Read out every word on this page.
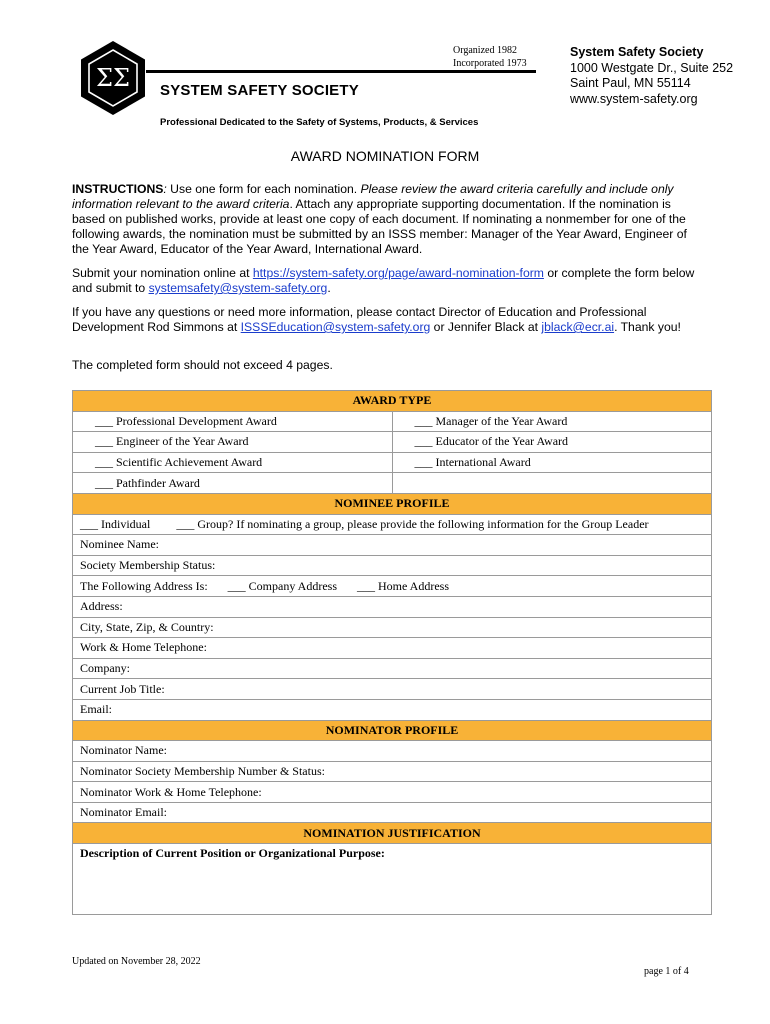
ΣΣ
Organized 1982
Incorporated 1973
SYSTEM SAFETY SOCIETY
Professional Dedicated to the Safety of Systems, Products, & Services
System Safety Society
1000 Westgate Dr., Suite 252
Saint Paul, MN 55114
www.system-safety.org
AWARD NOMINATION FORM

INSTRUCTIONS: Use one form for each nomination. Please review the award criteria carefully and include only information relevant to the award criteria. Attach any appropriate supporting documentation. If the nomination is based on published works, provide at least one copy of each document. If nominating a nonmember for one of the following awards, the nomination must be submitted by an ISSS member: Manager of the Year Award, Engineer of the Year Award, Educator of the Year Award, International Award.

Submit your nomination online at https://system-safety.org/page/award-nomination-form or complete the form below and submit to systemsafety@system-safety.org.

If you have any questions or need more information, please contact Director of Education and Professional Development Rod Simmons at ISSSEducation@system-safety.org or Jennifer Black at jblack@ecr.ai. Thank you!

The completed form should not exceed 4 pages.
AWARD TYPE	
___ Professional Development Award	___ Manager of the Year Award
___ Engineer of the Year Award	___ Educator of the Year Award
___ Scientific Achievement Award	___ International Award
___ Pathfinder Award	
NOMINEE PROFILE	
___ Individual ___ Group? If nominating a group, please provide the following information for the Group Leader	
Nominee Name:	
Society Membership Status:	
The Following Address Is: ___ Company Address ___ Home Address	
Address:	
City, State, Zip, & Country:	
Work & Home Telephone:	
Company:	
Current Job Title:	
Email:	
NOMINATOR PROFILE	
Nominator Name:	
Nominator Society Membership Number & Status:	
Nominator Work & Home Telephone:	
Nominator Email:	
NOMINATION JUSTIFICATION	
Description of Current Position or Organizational Purpose:	
Updated on November 28, 2022
page 1 of 4
